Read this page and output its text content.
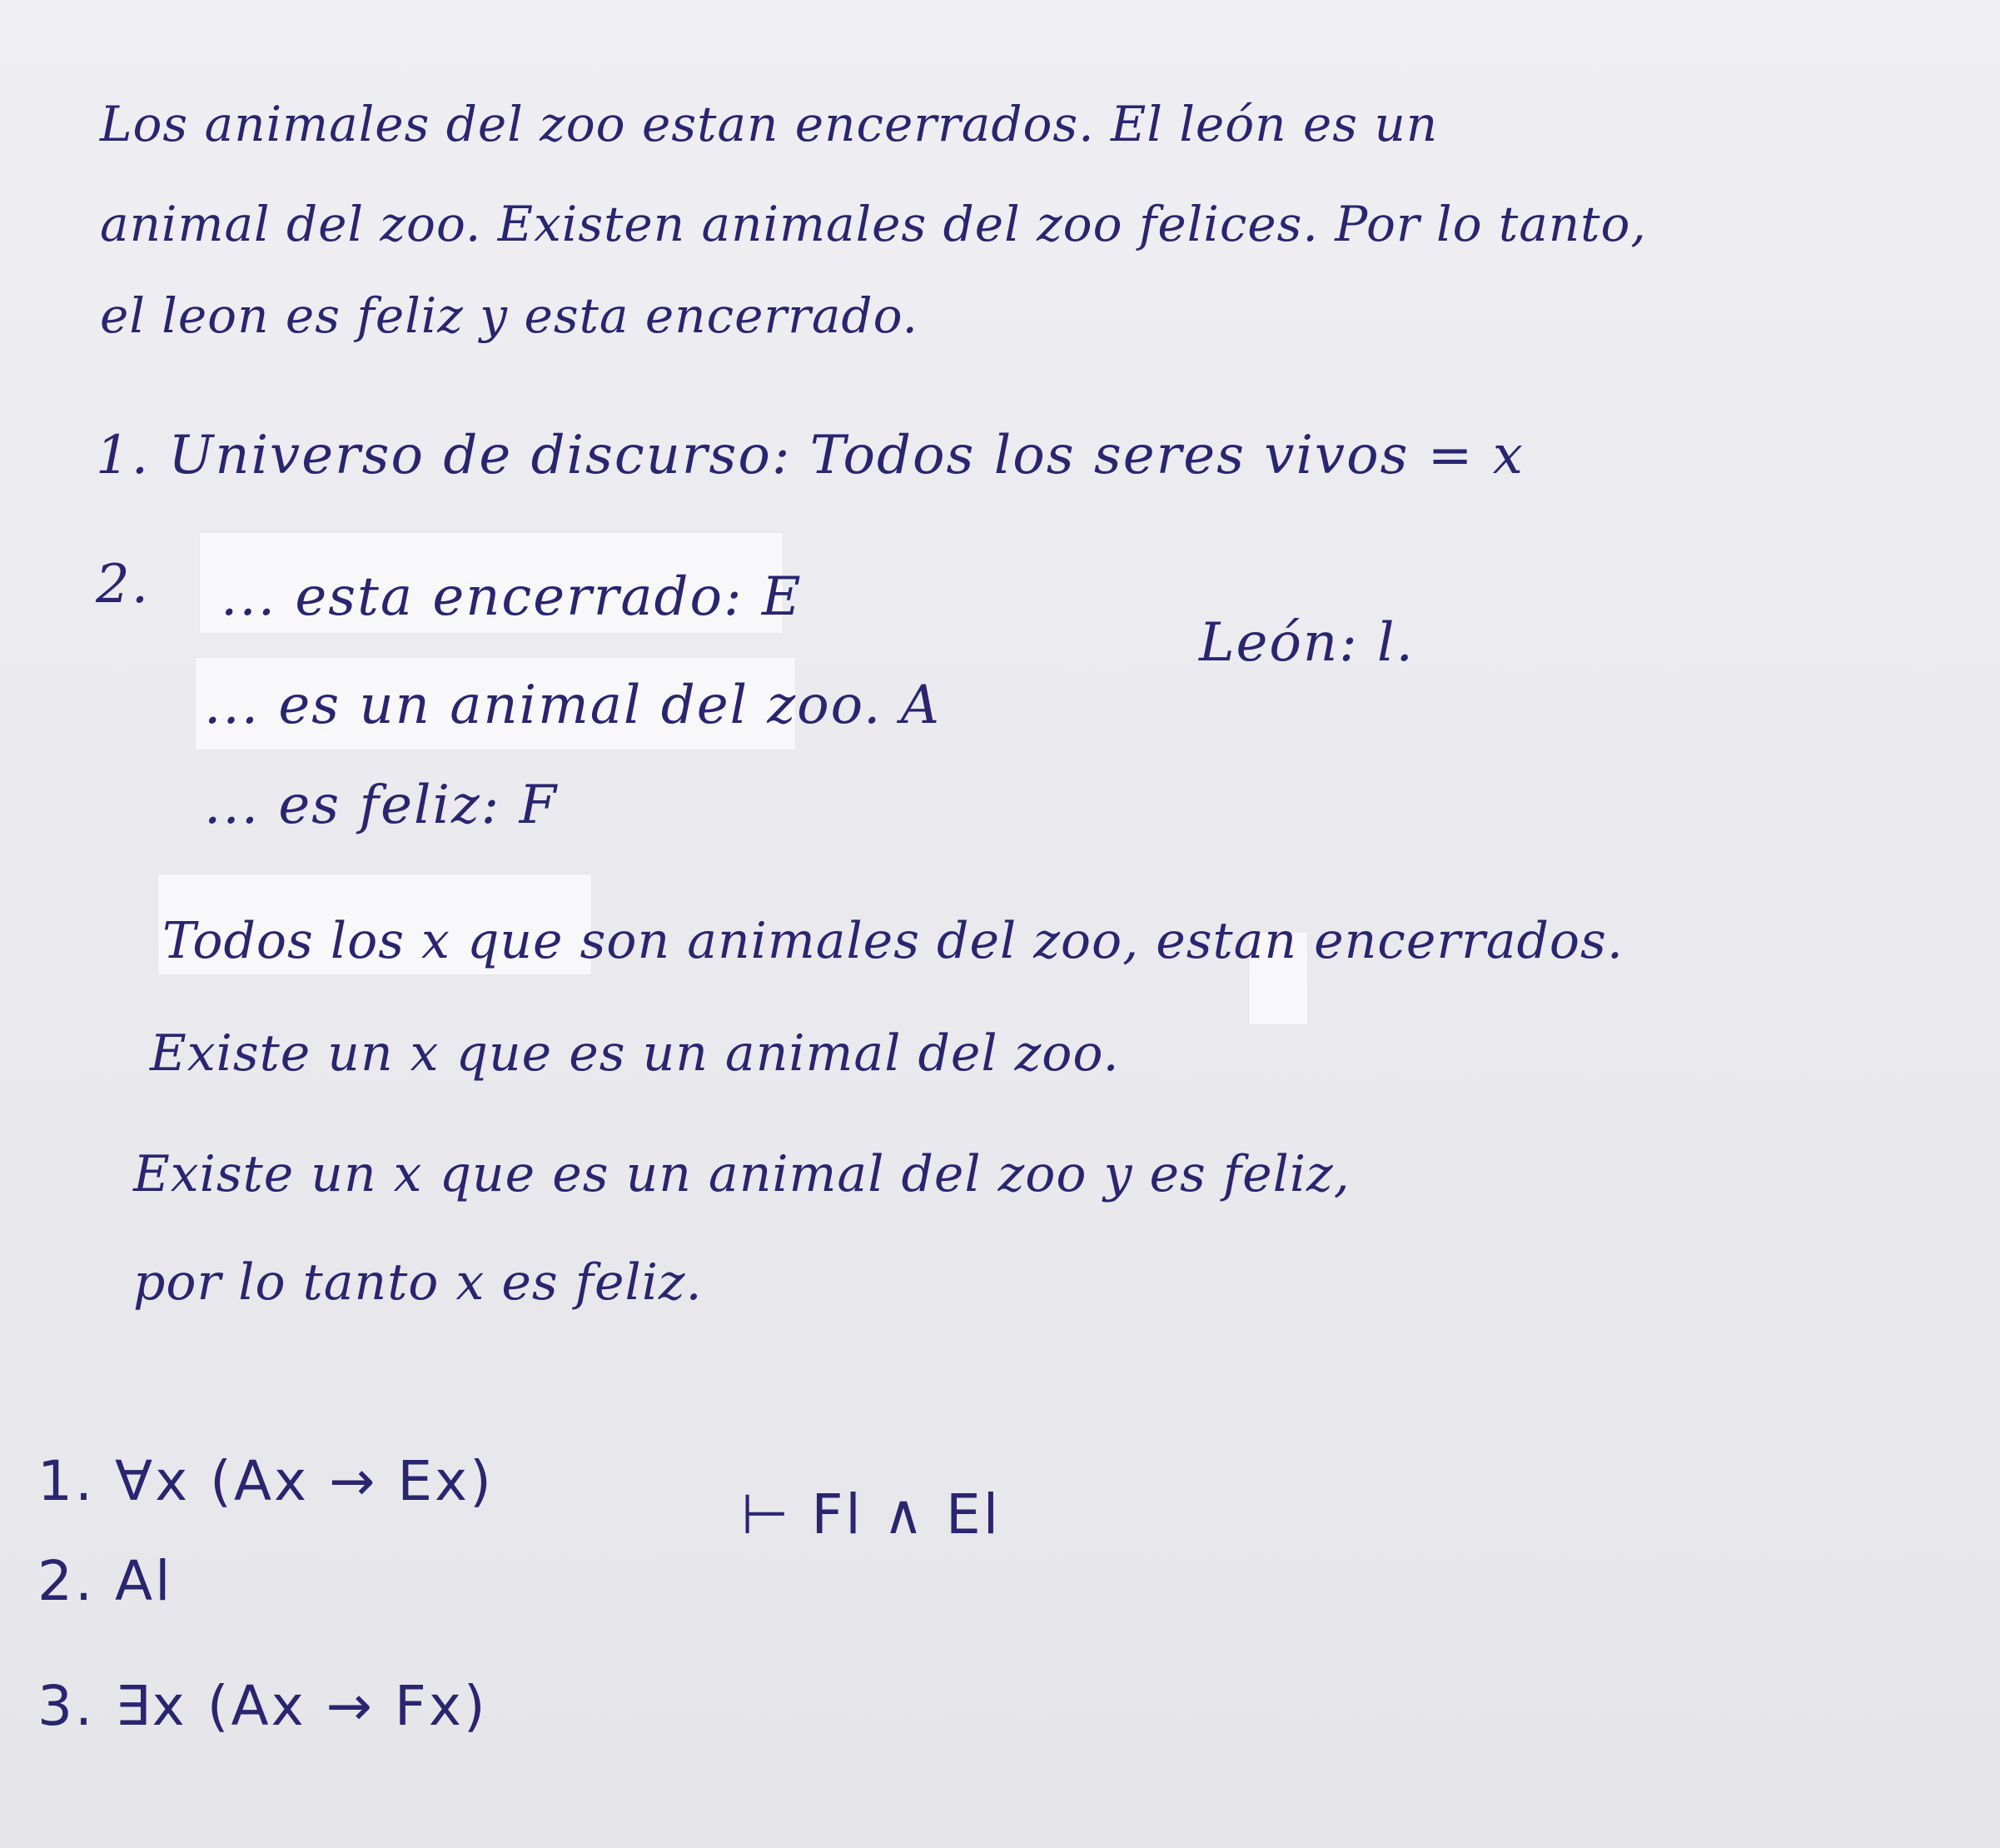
Los animales del zoo estan encerrados. El león es un
animal del zoo. Existen animales del zoo felices. Por lo tanto,
el leon es feliz y esta encerrado.
1. Universo de discurso: Todos los seres vivos = x
2. ... esta encerrado: E
... es un animal del zoo. A
... es feliz: F
León: l.
Todos los x que son animales del zoo, estan encerrados.
Existe un x que es un animal del zoo.
Existe un x que es un animal del zoo y es feliz,
por lo tanto x es feliz.
1. ∀x (Ax → Ex)
2. Al
3. ∃x (Ax → Fx)
⊢ Fl ∧ El
